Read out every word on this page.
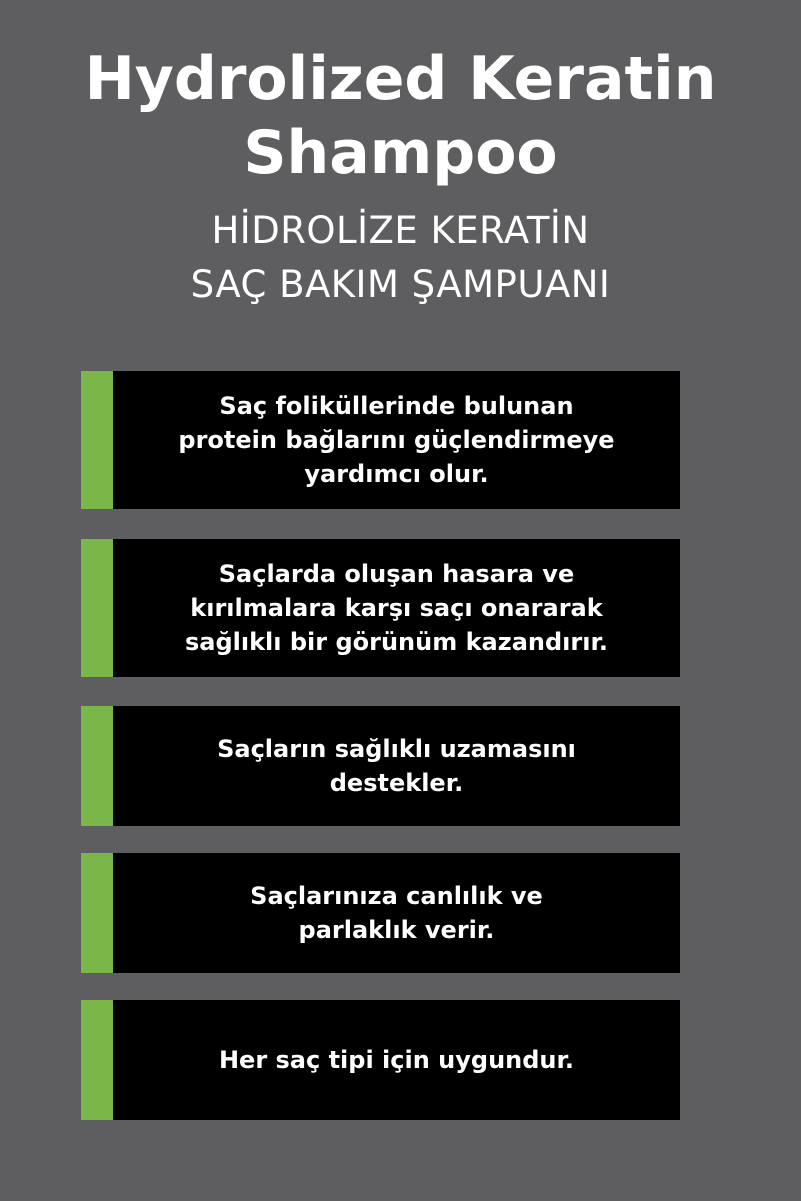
Hydrolized Keratin
Shampoo
HİDROLİZE KERATİN
SAÇ BAKIM ŞAMPUANI
Saç foliküllerinde bulunan
protein bağlarını güçlendirmeye
yardımcı olur.
Saçlarda oluşan hasara ve
kırılmalara karşı saçı onararak
sağlıklı bir görünüm kazandırır.
Saçların sağlıklı uzamasını
destekler.
Saçlarınıza canlılık ve
parlaklık verir.
Her saç tipi için uygundur.
